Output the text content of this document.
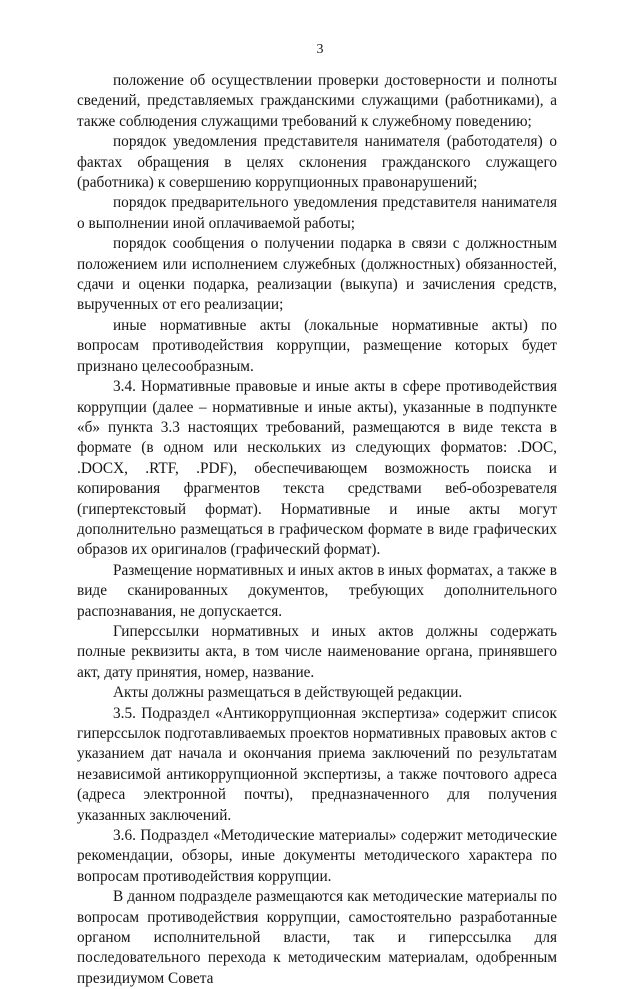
3

положение об осуществлении проверки достоверности и полноты сведений, представляемых гражданскими служащими (работниками), а также соблюдения служащими требований к служебному поведению;

порядок уведомления представителя нанимателя (работодателя) о фактах обращения в целях склонения гражданского служащего (работника) к совершению коррупционных правонарушений;

порядок предварительного уведомления представителя нанимателя о выполнении иной оплачиваемой работы;

порядок сообщения о получении подарка в связи с должностным положением или исполнением служебных (должностных) обязанностей, сдачи и оценки подарка, реализации (выкупа) и зачисления средств, вырученных от его реализации;

иные нормативные акты (локальные нормативные акты) по вопросам противодействия коррупции, размещение которых будет признано целесообразным.

3.4. Нормативные правовые и иные акты в сфере противодействия коррупции (далее – нормативные и иные акты), указанные в подпункте «б» пункта 3.3 настоящих требований, размещаются в виде текста в формате (в одном или нескольких из следующих форматов: .DOC, .DOCX, .RTF, .PDF), обеспечивающем возможность поиска и копирования фрагментов текста средствами веб-обозревателя (гипертекстовый формат). Нормативные и иные акты могут дополнительно размещаться в графическом формате в виде графических образов их оригиналов (графический формат).

Размещение нормативных и иных актов в иных форматах, а также в виде сканированных документов, требующих дополнительного распознавания, не допускается.

Гиперссылки нормативных и иных актов должны содержать полные реквизиты акта, в том числе наименование органа, принявшего акт, дату принятия, номер, название.

Акты должны размещаться в действующей редакции.

3.5. Подраздел «Антикоррупционная экспертиза» содержит список гиперссылок подготавливаемых проектов нормативных правовых актов с указанием дат начала и окончания приема заключений по результатам независимой антикоррупционной экспертизы, а также почтового адреса (адреса электронной почты), предназначенного для получения указанных заключений.

3.6. Подраздел «Методические материалы» содержит методические рекомендации, обзоры, иные документы методического характера по вопросам противодействия коррупции.

В данном подразделе размещаются как методические материалы по вопросам противодействия коррупции, самостоятельно разработанные органом исполнительной власти, так и гиперссылка для последовательного перехода к методическим материалам, одобренным президиумом Совета
